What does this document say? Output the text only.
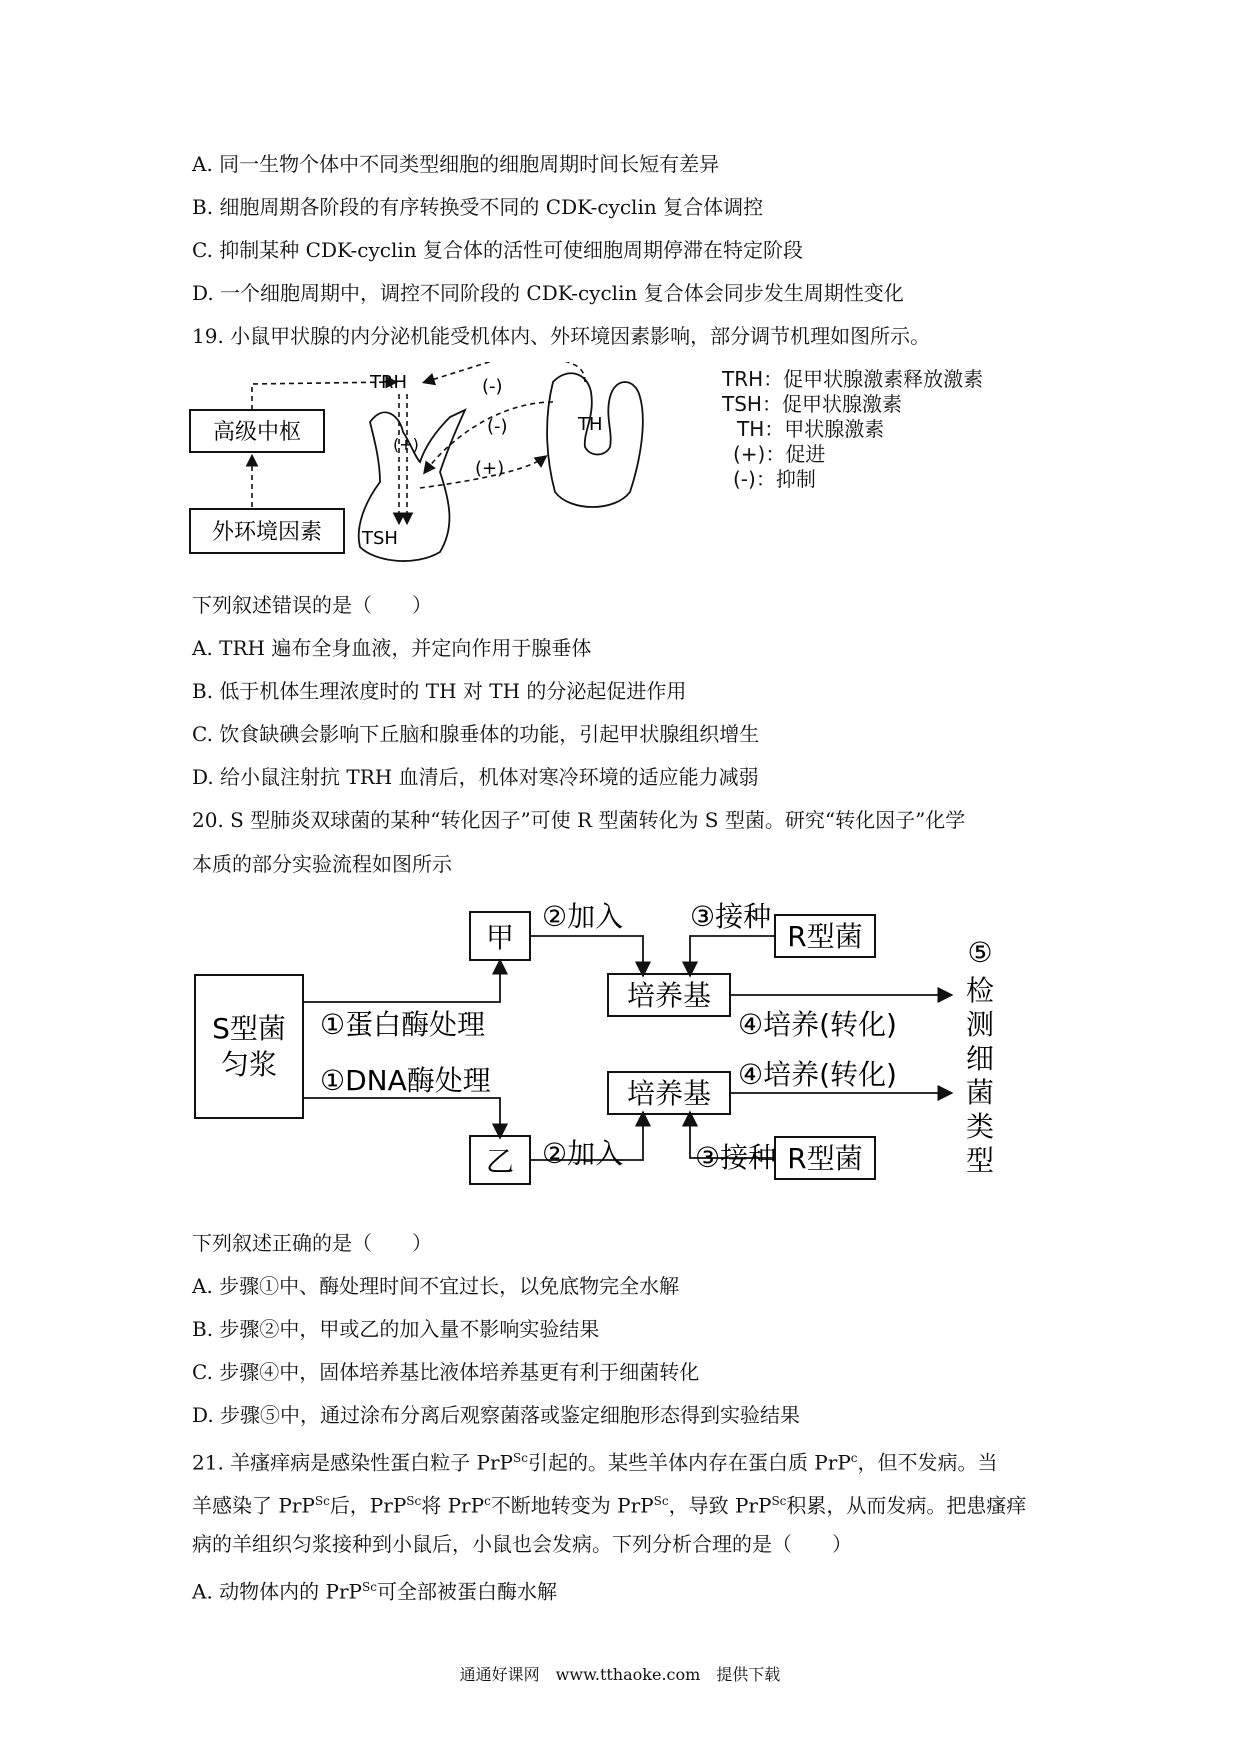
A. 同一生物个体中不同类型细胞的细胞周期时间长短有差异
B. 细胞周期各阶段的有序转换受不同的 CDK-cyclin 复合体调控
C. 抑制某种 CDK-cyclin 复合体的活性可使细胞周期停滞在特定阶段
D. 一个细胞周期中，调控不同阶段的 CDK-cyclin 复合体会同步发生周期性变化
19. 小鼠甲状腺的内分泌机能受机体内、外环境因素影响，部分调节机理如图所示。
高级中枢
外环境因素
TRH
TSH
(+)
TH
(+)
(-)
(-)
TRH：促甲状腺激素释放激素
TSH：促甲状腺激素
TH：甲状腺激素
(+)：促进
(-)：抑制
下列叙述错误的是（　　）
A. TRH 遍布全身血液，并定向作用于腺垂体
B. 低于机体生理浓度时的 TH 对 TH 的分泌起促进作用
C. 饮食缺碘会影响下丘脑和腺垂体的功能，引起甲状腺组织增生
D. 给小鼠注射抗 TRH 血清后，机体对寒冷环境的适应能力减弱
20. S 型肺炎双球菌的某种“转化因子”可使 R 型菌转化为 S 型菌。研究“转化因子”化学
本质的部分实验流程如图所示
S型菌
匀浆
①蛋白酶处理
①DNA酶处理
甲
乙
②加入
②加入
培养基
培养基
R型菌
R型菌
③接种
③接种
④培养(转化)
④培养(转化)
⑤
检
测
细
菌
类
型
下列叙述正确的是（　　）
A. 步骤①中、酶处理时间不宜过长，以免底物完全水解
B. 步骤②中，甲或乙的加入量不影响实验结果
C. 步骤④中，固体培养基比液体培养基更有利于细菌转化
D. 步骤⑤中，通过涂布分离后观察菌落或鉴定细胞形态得到实验结果
21. 羊瘙痒病是感染性蛋白粒子 PrP$^{Sc}$引起的。某些羊体内存在蛋白质 PrP$^c$，但不发病。当
羊感染了 PrP$^{Sc}$后，PrP$^{Sc}$将 PrP$^c$不断地转变为 PrP$^{Sc}$，导致 PrP$^{Sc}$积累，从而发病。把患瘙痒
病的羊组织匀浆接种到小鼠后，小鼠也会发病。下列分析合理的是（　　）
A. 动物体内的 PrP$^{Sc}$可全部被蛋白酶水解
通通好课网　www.tthaoke.com　提供下载
